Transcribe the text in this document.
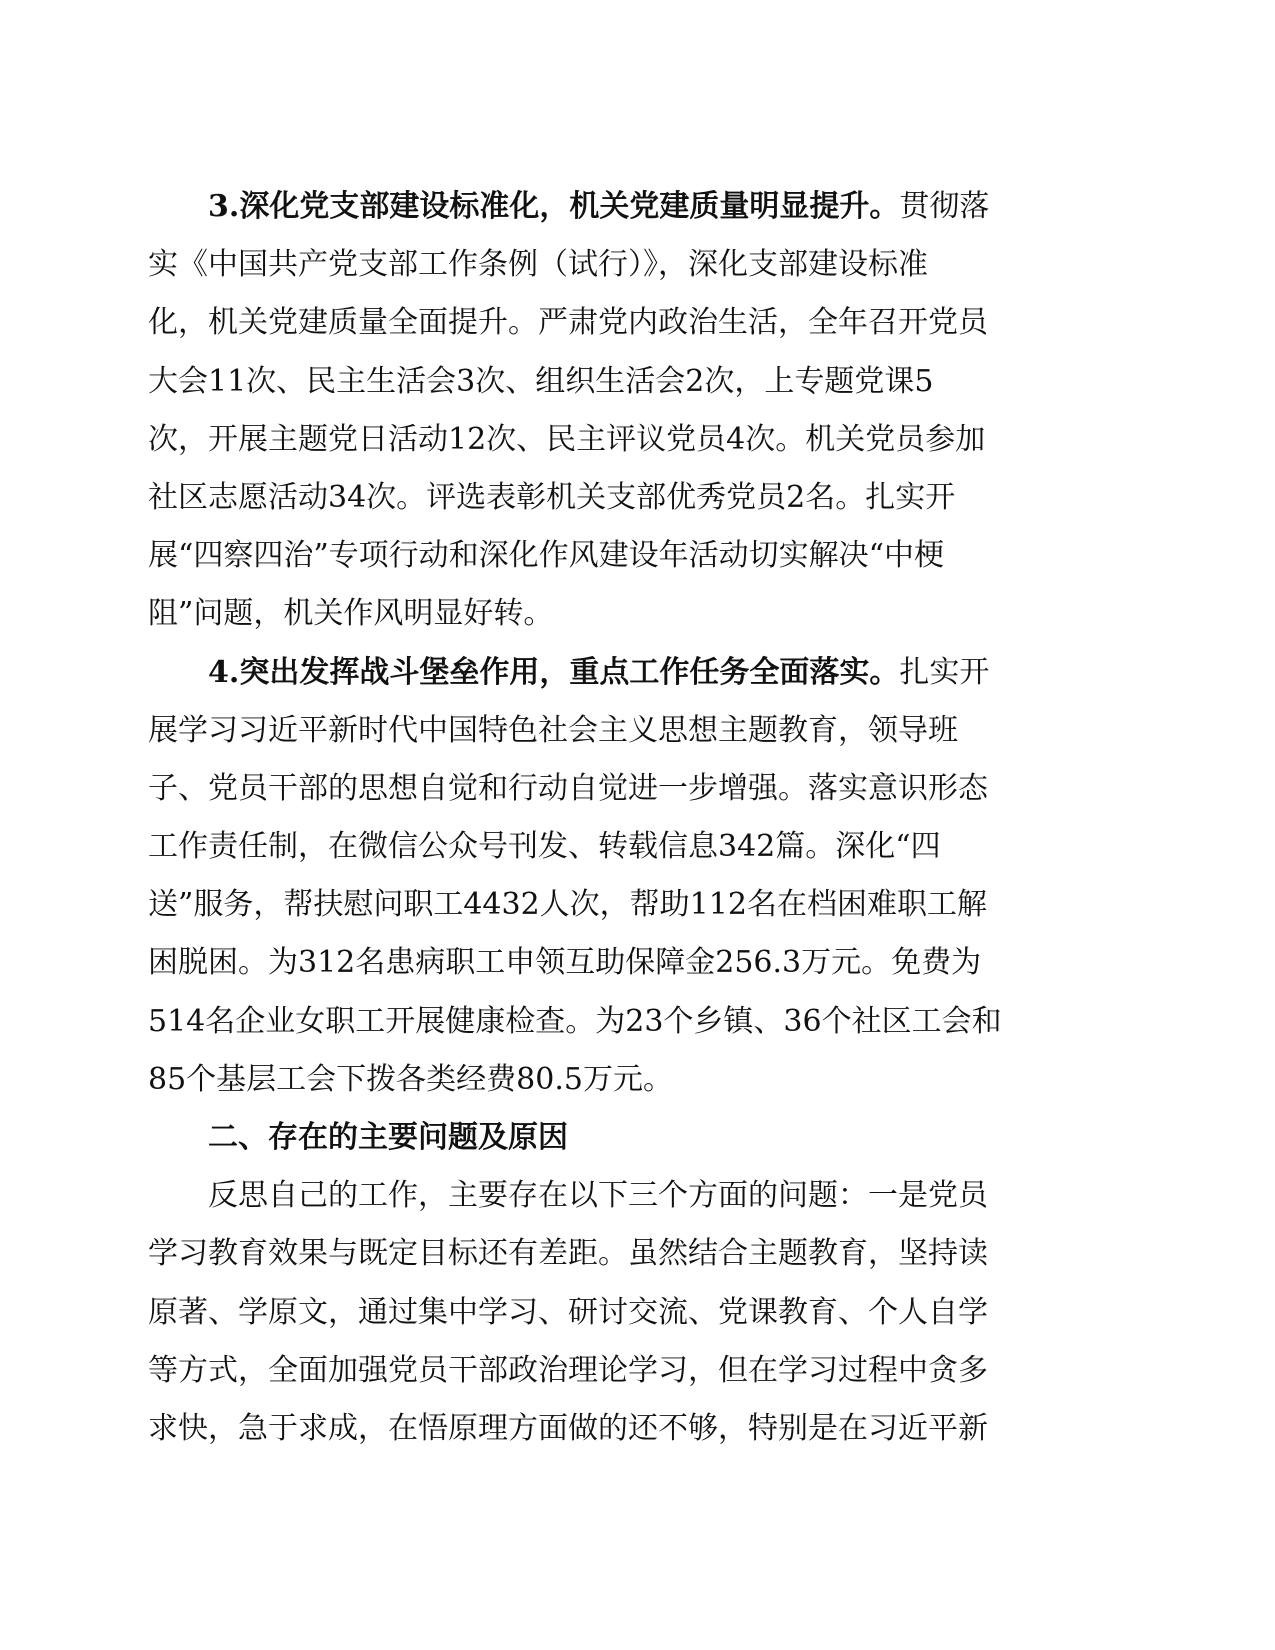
3.深化党支部建设标准化，机关党建质量明显提升。贯彻落
实《中国共产党支部工作条例（试行）》，深化支部建设标准
化，机关党建质量全面提升。严肃党内政治生活，全年召开党员
大会11次、民主生活会3次、组织生活会2次，上专题党课5
次，开展主题党日活动12次、民主评议党员4次。机关党员参加
社区志愿活动34次。评选表彰机关支部优秀党员2名。扎实开
展“四察四治”专项行动和深化作风建设年活动切实解决“中梗
阻”问题，机关作风明显好转。
4.突出发挥战斗堡垒作用，重点工作任务全面落实。扎实开
展学习习近平新时代中国特色社会主义思想主题教育，领导班
子、党员干部的思想自觉和行动自觉进一步增强。落实意识形态
工作责任制，在微信公众号刊发、转载信息342篇。深化“四
送”服务，帮扶慰问职工4432人次，帮助112名在档困难职工解
困脱困。为312名患病职工申领互助保障金256.3万元。免费为
514名企业女职工开展健康检查。为23个乡镇、36个社区工会和
85个基层工会下拨各类经费80.5万元。
二、存在的主要问题及原因
反思自己的工作，主要存在以下三个方面的问题：一是党员
学习教育效果与既定目标还有差距。虽然结合主题教育，坚持读
原著、学原文，通过集中学习、研讨交流、党课教育、个人自学
等方式，全面加强党员干部政治理论学习，但在学习过程中贪多
求快，急于求成，在悟原理方面做的还不够，特别是在习近平新
